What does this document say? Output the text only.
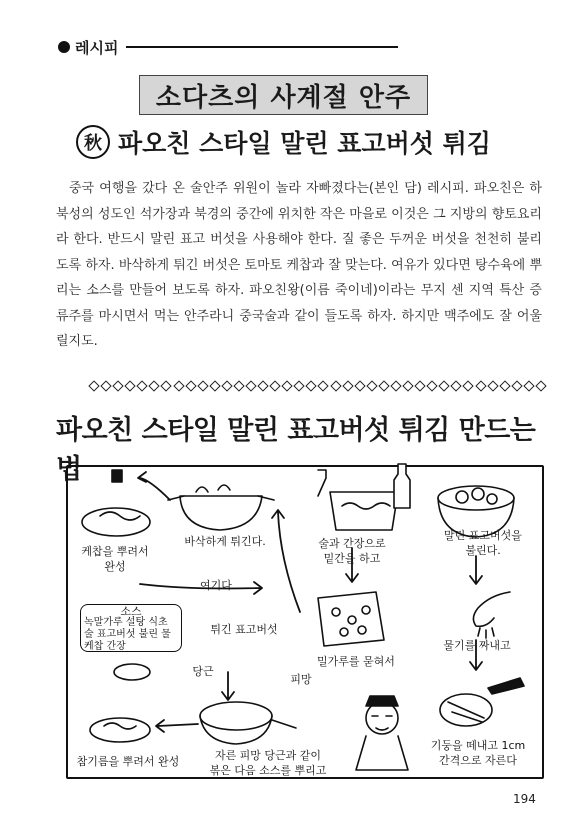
레시피
소다츠의 사계절 안주
秋 파오친 스타일 말린 표고버섯 튀김

중국 여행을 갔다 온 술안주 위원이 놀라 자빠졌다는(본인 담) 레시피. 파오친은 하북성의 성도인 석가장과 북경의 중간에 위치한 작은 마을로 이것은 그 지방의 향토요리라 한다. 반드시 말린 표고 버섯을 사용해야 한다. 질 좋은 두꺼운 버섯을 천천히 불리도록 하자. 바삭하게 튀긴 버섯은 토마토 케찹과 잘 맞는다. 여유가 있다면 탕수육에 뿌리는 소스를 만들어 보도록 하자. 파오친왕(이름 죽이네)이라는 무지 센 지역 특산 증류주를 마시면서 먹는 안주라니 중국술과 같이 들도록 하자. 하지만 맥주에도 잘 어울릴지도.

파오친 스타일 말린 표고버섯 튀김 만드는 법
말린 표고버섯을
불린다.
물기를 짜내고
기둥을 떼내고 1cm
간격으로 자른다
술과 간장으로
밑간을 하고
밀가루를 묻혀서
바삭하게 튀긴다.
케찹을 뿌려서
완성
여기다
튀긴 표고버섯
당근
피망
자른 피망 당근과 같이
볶은 다음 소스를 뿌리고
참기름을 뿌려서 완성
소스
녹말가루 설탕 식초
술 표고버섯 불린 물
케찹 간장
194
